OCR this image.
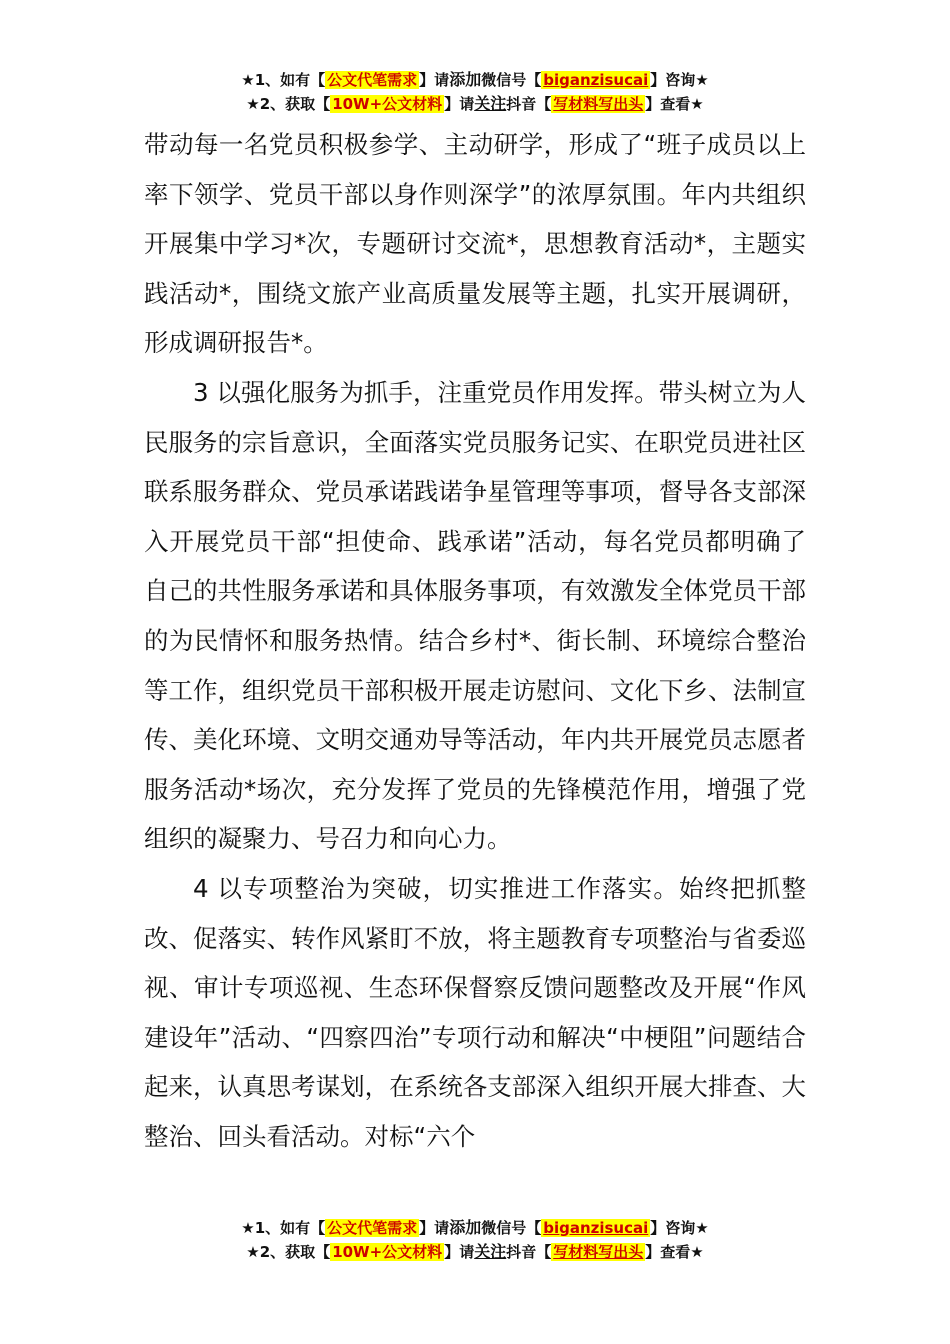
★1、如有【 公文代笔需求 】请添加微信号【 biganzisucai 】咨询★
★2、获取【 10W+公文材料 】请关注抖音【 写材料写出头 】查看★

带动每一名党员积极参学、主动研学，形成了“班子成员以上率下领学、党员干部以身作则深学”的浓厚氛围。年内共组织开展集中学习*次，专题研讨交流*，思想教育活动*，主题实践活动*，围绕文旅产业高质量发展等主题，扎实开展调研，形成调研报告*。

3 以强化服务为抓手，注重党员作用发挥。带头树立为人民服务的宗旨意识，全面落实党员服务记实、在职党员进社区联系服务群众、党员承诺践诺争星管理等事项，督导各支部深入开展党员干部“担使命、践承诺”活动，每名党员都明确了自己的共性服务承诺和具体服务事项，有效激发全体党员干部的为民情怀和服务热情。结合乡村*、街长制、环境综合整治等工作，组织党员干部积极开展走访慰问、文化下乡、法制宣传、美化环境、文明交通劝导等活动，年内共开展党员志愿者服务活动*场次，充分发挥了党员的先锋模范作用，增强了党组织的凝聚力、号召力和向心力。

4 以专项整治为突破，切实推进工作落实。始终把抓整改、促落实、转作风紧盯不放，将主题教育专项整治与省委巡视、审计专项巡视、生态环保督察反馈问题整改及开展“作风建设年”活动、“四察四治”专项行动和解决“中梗阻”问题结合起来，认真思考谋划，在系统各支部深入组织开展大排查、大整治、回头看活动。对标“六个

★1、如有【 公文代笔需求 】请添加微信号【 biganzisucai 】咨询★
★2、获取【 10W+公文材料 】请关注抖音【 写材料写出头 】查看★
